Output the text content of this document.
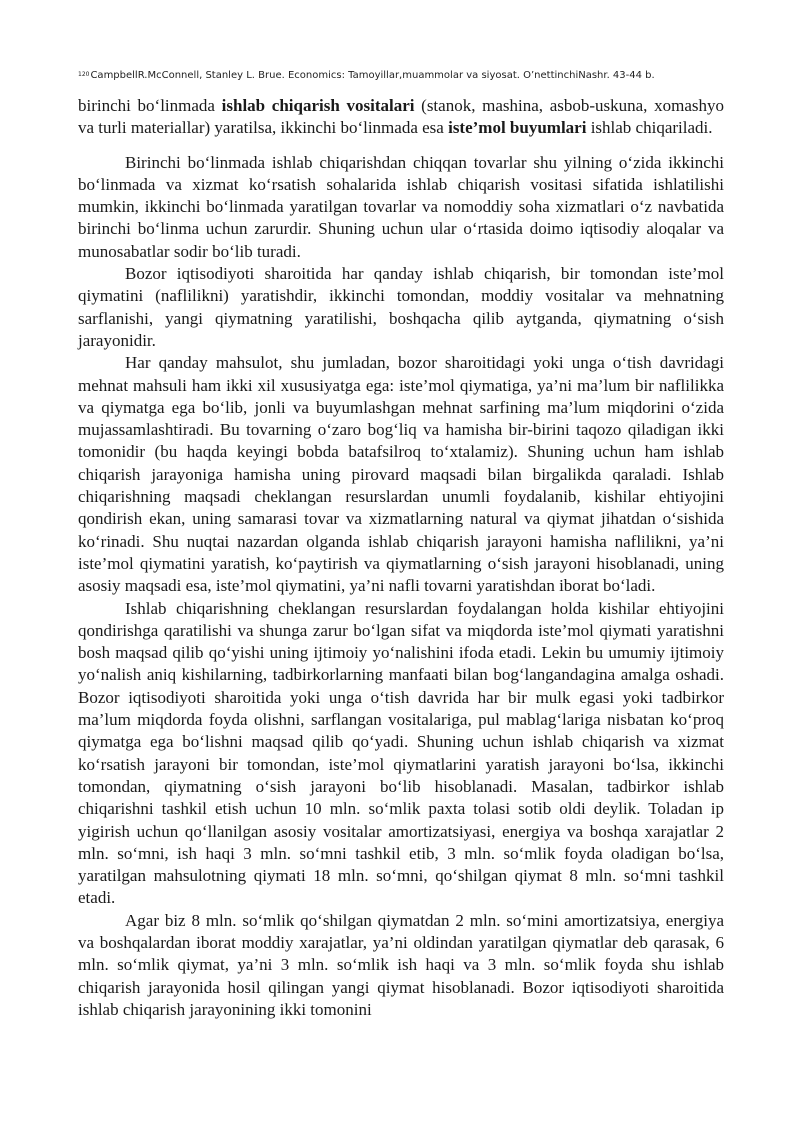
$^{120}$CampbellR.McConnell, Stanley L. Brue. Economics: Tamoyillar,muammolar va siyosat. O’nettinchiNashr. 43-44 b.

birinchi bo‘linmada ishlab chiqarish vositalari (stanok, mashina, asbob-uskuna, xomashyo va turli materiallar) yaratilsa, ikkinchi bo‘linmada esa iste’mol buyumlari ishlab chiqariladi.

Birinchi bo‘linmada ishlab chiqarishdan chiqqan tovarlar shu yilning o‘zida ikkinchi bo‘linmada va xizmat ko‘rsatish sohalarida ishlab chiqarish vositasi sifatida ishlatilishi mumkin, ikkinchi bo‘linmada yaratilgan tovarlar va nomoddiy soha xizmatlari o‘z navbatida birinchi bo‘linma uchun zarurdir. Shuning uchun ular o‘rtasida doimo iqtisodiy aloqalar va munosabatlar sodir bo‘lib turadi.

Bozor iqtisodiyoti sharoitida har qanday ishlab chiqarish, bir tomondan iste’mol qiymatini (naflilikni) yaratishdir, ikkinchi tomondan, moddiy vositalar va mehnatning sarflanishi, yangi qiymatning yaratilishi, boshqacha qilib aytganda, qiymatning o‘sish jarayonidir.

Har qanday mahsulot, shu jumladan, bozor sharoitidagi yoki unga o‘tish davridagi mehnat mahsuli ham ikki xil xususiyatga ega: iste’mol qiymatiga, ya’ni ma’lum bir naflilikka va qiymatga ega bo‘lib, jonli va buyumlashgan mehnat sarfining ma’lum miqdorini o‘zida mujassamlashtiradi. Bu tovarning o‘zaro bog‘liq va hamisha bir-birini taqozo qiladigan ikki tomonidir (bu haqda keyingi bobda batafsilroq to‘xtalamiz). Shuning uchun ham ishlab chiqarish jarayoniga hamisha uning pirovard maqsadi bilan birgalikda qaraladi. Ishlab chiqarishning maqsadi cheklangan resurslardan unumli foydalanib, kishilar ehtiyojini qondirish ekan, uning samarasi tovar va xizmatlarning natural va qiymat jihatdan o‘sishida ko‘rinadi. Shu nuqtai nazardan olganda ishlab chiqarish jarayoni hamisha naflilikni, ya’ni iste’mol qiymatini yaratish, ko‘paytirish va qiymatlarning o‘sish jarayoni hisoblanadi, uning asosiy maqsadi esa, iste’mol qiymatini, ya’ni nafli tovarni yaratishdan iborat bo‘ladi.

Ishlab chiqarishning cheklangan resurslardan foydalangan holda kishilar ehtiyojini qondirishga qaratilishi va shunga zarur bo‘lgan sifat va miqdorda iste’mol qiymati yaratishni bosh maqsad qilib qo‘yishi uning ijtimoiy yo‘nalishini ifoda etadi. Lekin bu umumiy ijtimoiy yo‘nalish aniq kishilarning, tadbirkorlarning manfaati bilan bog‘langandagina amalga oshadi. Bozor iqtisodiyoti sharoitida yoki unga o‘tish davrida har bir mulk egasi yoki tadbirkor ma’lum miqdorda foyda olishni, sarflangan vositalariga, pul mablag‘lariga nisbatan ko‘proq qiymatga ega bo‘lishni maqsad qilib qo‘yadi. Shuning uchun ishlab chiqarish va xizmat ko‘rsatish jarayoni bir tomondan, iste’mol qiymatlarini yaratish jarayoni bo‘lsa, ikkinchi tomondan, qiymatning o‘sish jarayoni bo‘lib hisoblanadi. Masalan, tadbirkor ishlab chiqarishni tashkil etish uchun 10 mln. so‘mlik paxta tolasi sotib oldi deylik. Toladan ip yigirish uchun qo‘llanilgan asosiy vositalar amortizatsiyasi, energiya va boshqa xarajatlar 2 mln. so‘mni, ish haqi 3 mln. so‘mni tashkil etib, 3 mln. so‘mlik foyda oladigan bo‘lsa, yaratilgan mahsulotning qiymati 18 mln. so‘mni, qo‘shilgan qiymat 8 mln. so‘mni tashkil etadi.

Agar biz 8 mln. so‘mlik qo‘shilgan qiymatdan 2 mln. so‘mini amortizatsiya, energiya va boshqalardan iborat moddiy xarajatlar, ya’ni oldindan yaratilgan qiymatlar deb qarasak, 6 mln. so‘mlik qiymat, ya’ni 3 mln. so‘mlik ish haqi va 3 mln. so‘mlik foyda shu ishlab chiqarish jarayonida hosil qilingan yangi qiymat hisoblanadi. Bozor iqtisodiyoti sharoitida ishlab chiqarish jarayonining ikki tomonini
